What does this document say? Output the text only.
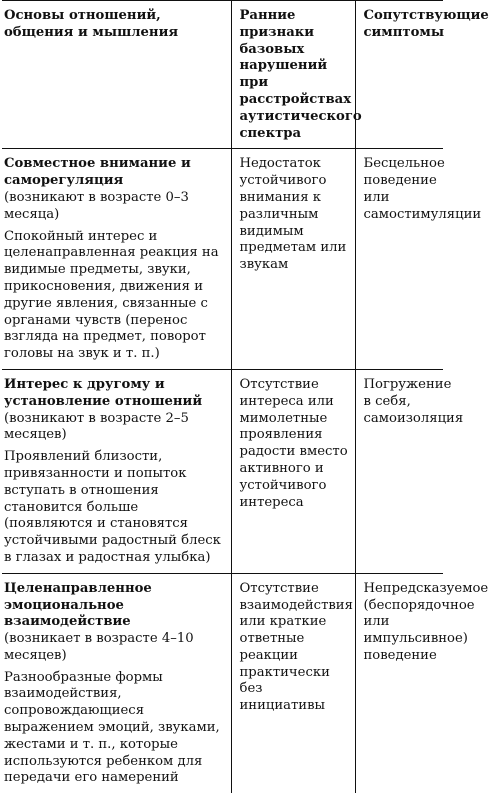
Основы отношений, общения и мышления	Ранние признаки базовых нарушений при расстройствах аутистического спектра	Сопутствующие симптомы

Совместное внимание и саморегуляция
(возникают в возрасте 0–3 месяца)
Спокойный интерес и целенаправленная реакция на видимые предметы, звуки, прикосновения, движения и другие явления, связанные с органами чувств (перенос взгляда на предмет, поворот головы на звук и т. п.)	Недостаток устойчивого внимания к различным видимым предметам или звукам	Бесцельное поведение или самостимуляции

Интерес к другому и установление отношений
(возникают в возрасте 2–5 месяцев)
Проявлений близости, привязанности и попыток вступать в отношения становится больше (появляются и становятся устойчивыми радостный блеск в глазах и радостная улыбка)	Отсутствие интереса или мимолетные проявления радости вместо активного и устойчивого интереса	Погружение в себя, самоизоляция

Целенаправленное эмоциональное взаимодействие
(возникает в возрасте 4–10 месяцев)
Разнообразные формы взаимодействия, сопровождающиеся выражением эмоций, звуками, жестами и т. п., которые используются ребенком для передачи его намерений	Отсутствие взаимодействия или краткие ответные реакции практически без инициативы	Непредсказуемое (беспорядочное или импульсивное) поведение
